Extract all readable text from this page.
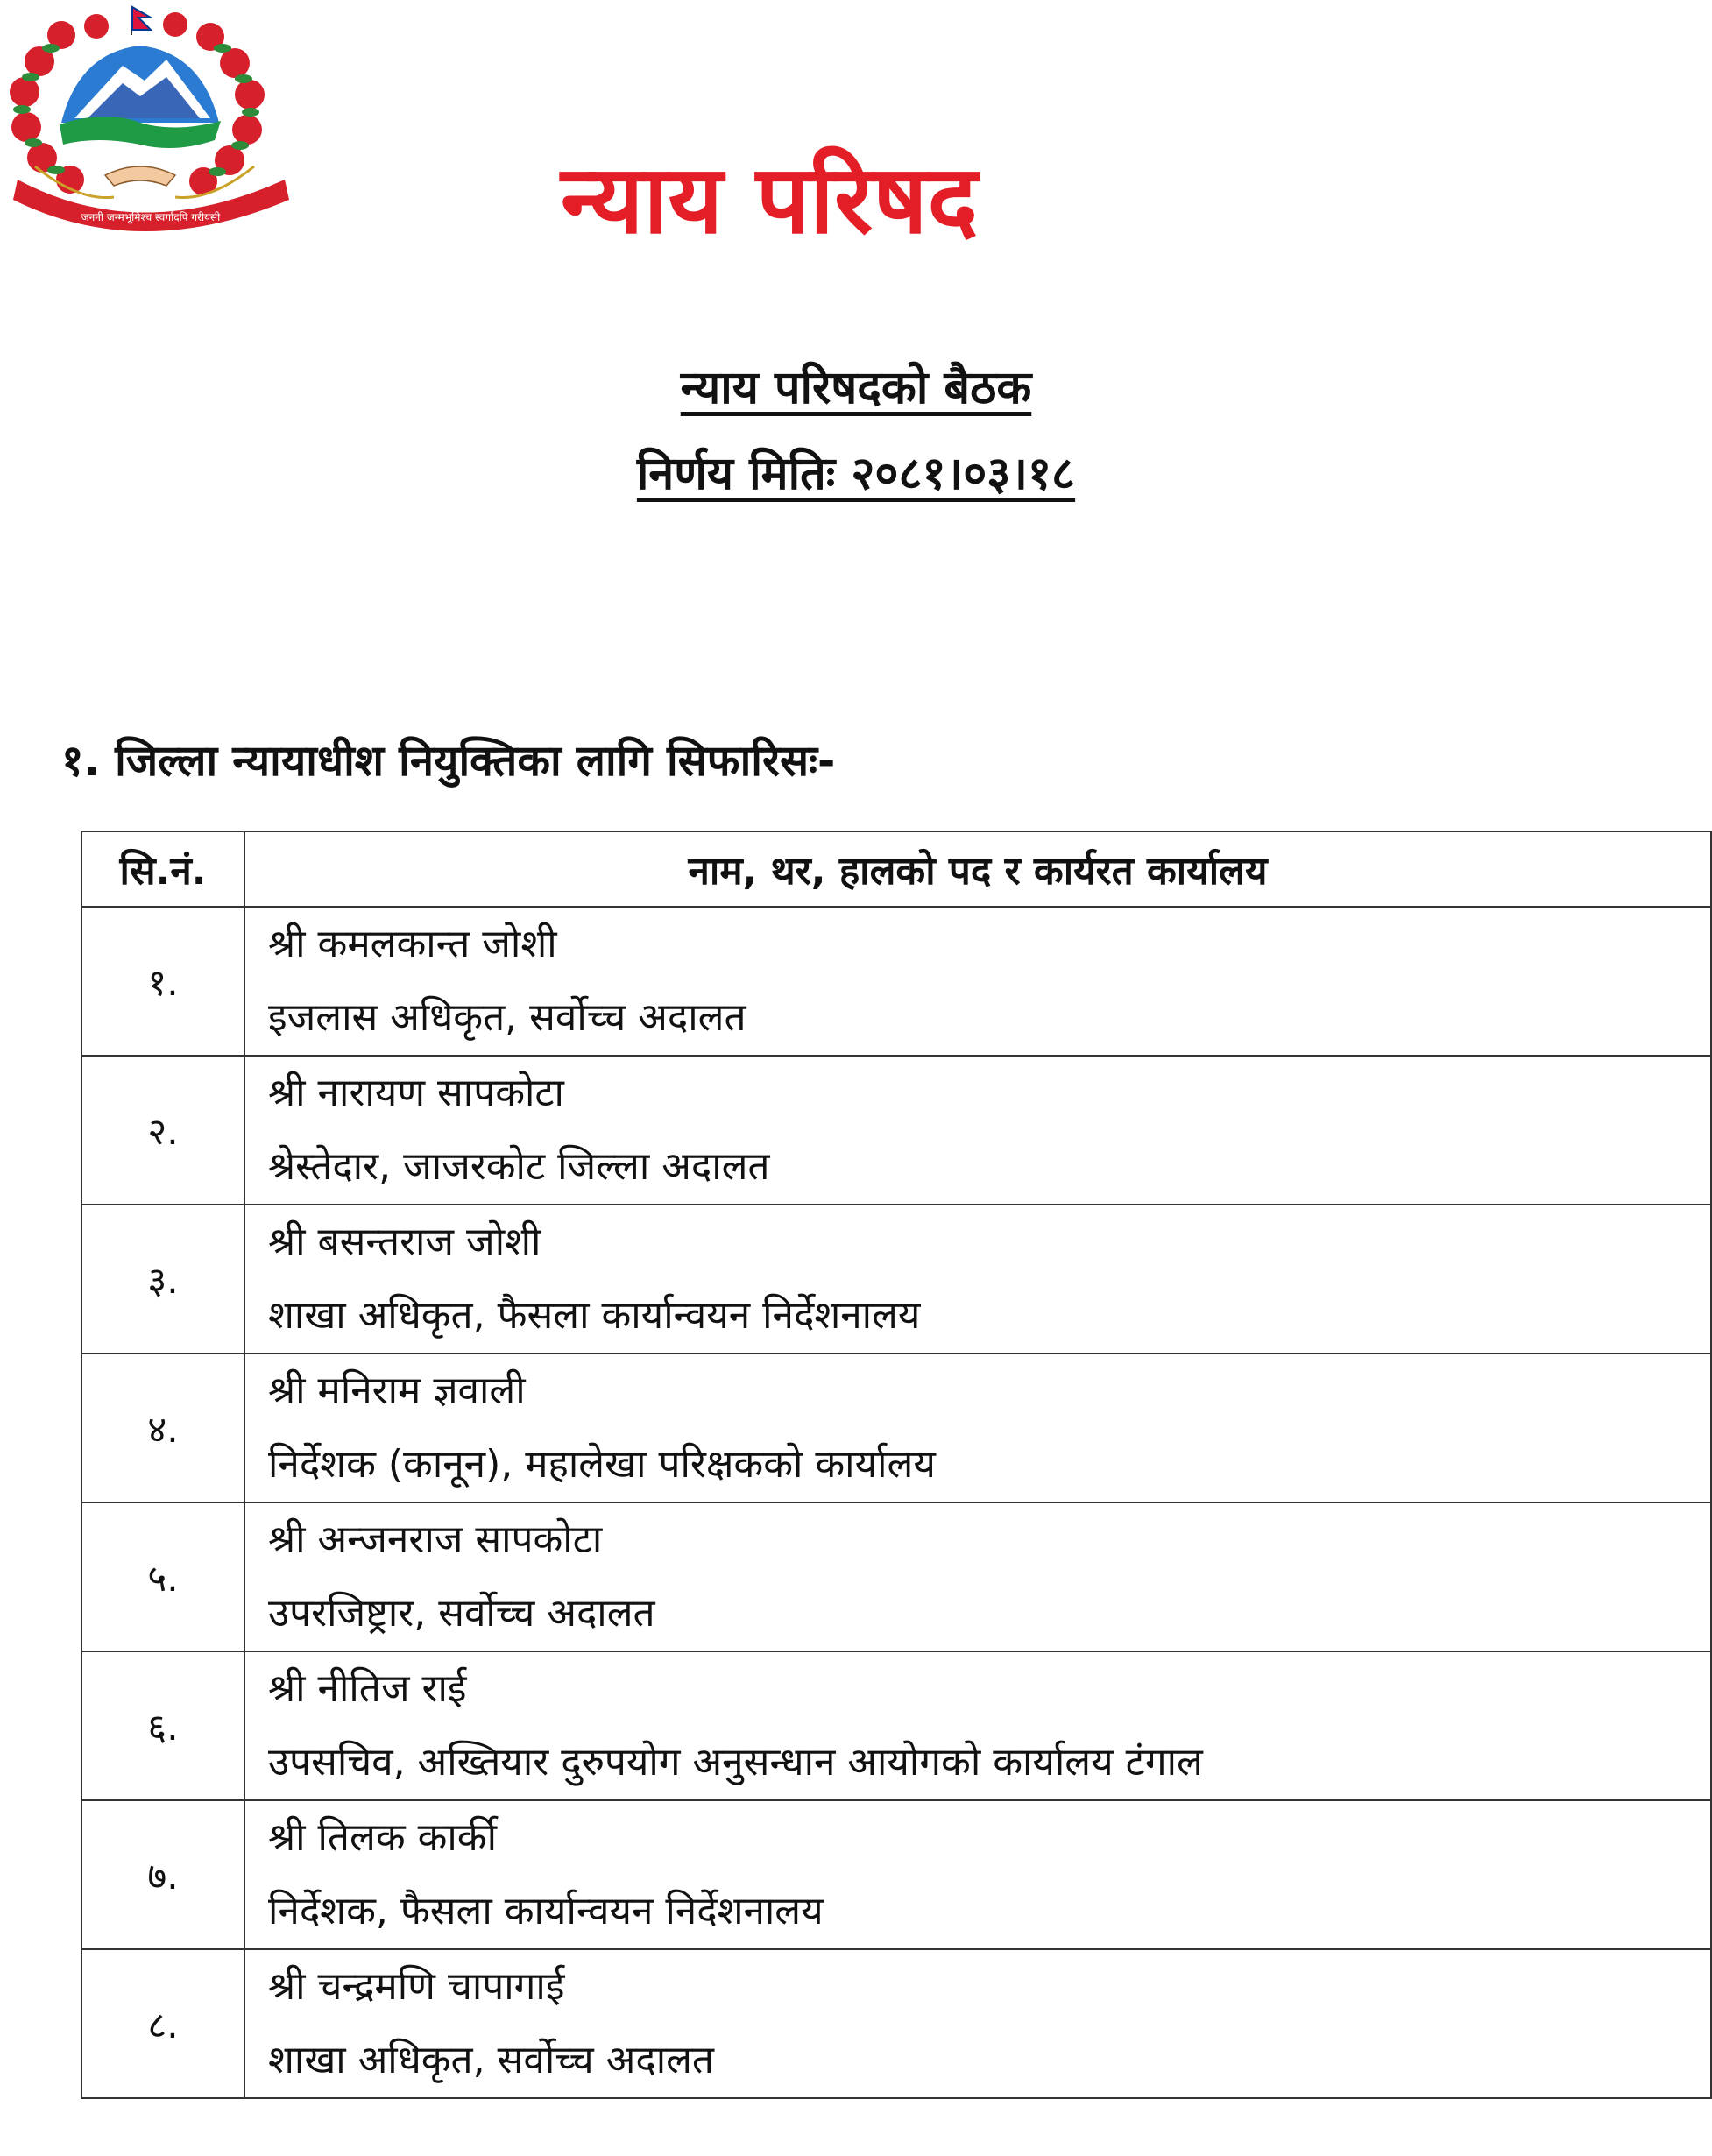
जननी जन्मभूमिश्च स्वर्गादपि गरीयसी	न्याय परिषद
न्याय परिषदको बैठक
निर्णय मितिः २०८१।०३।१८
१. जिल्ला न्यायाधीश नियुक्तिका लागि सिफारिसः-
सि.नं.	नाम, थर, हालको पद र कार्यरत कार्यालय
१.	श्री कमलकान्त जोशी
इजलास अधिकृत, सर्वोच्च अदालत

२.	श्री नारायण सापकोटा
श्रेस्तेदार, जाजरकोट जिल्ला अदालत

३.	श्री बसन्तराज जोशी
शाखा अधिकृत, फैसला कार्यान्वयन निर्देशनालय

४.	श्री मनिराम ज्ञवाली
निर्देशक (कानून), महालेखा परिक्षकको कार्यालय

५.	श्री अन्जनराज सापकोटा
उपरजिष्ट्रार, सर्वोच्च अदालत

६.	श्री नीतिज राई
उपसचिव, अख्तियार दुरुपयोग अनुसन्धान आयोगको कार्यालय टंगाल

७.	श्री तिलक कार्की
निर्देशक, फैसला कार्यान्वयन निर्देशनालय

८.	श्री चन्द्रमणि चापागाई
शाखा अधिकृत, सर्वोच्च अदालत
